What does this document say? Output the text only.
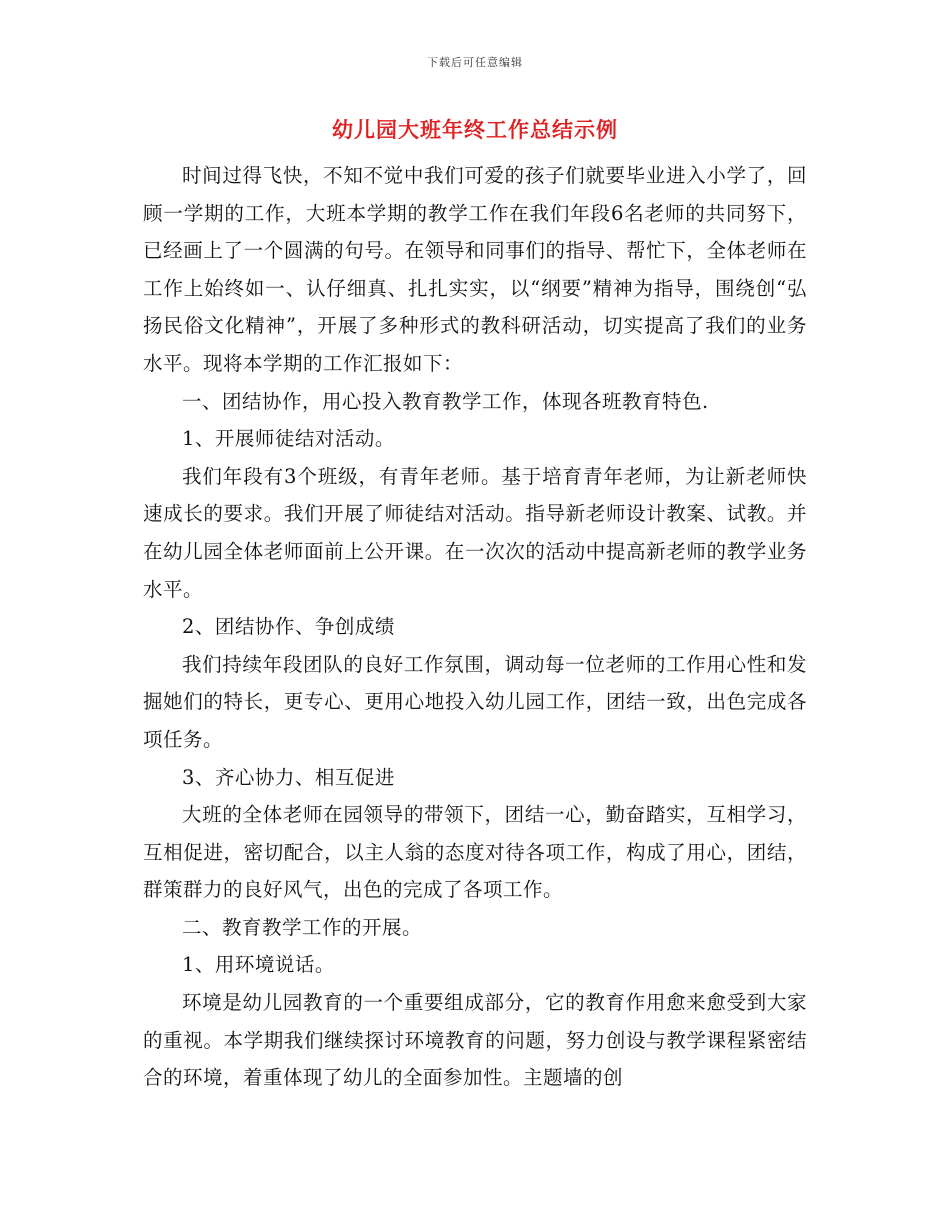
下载后可任意编辑
幼儿园大班年终工作总结示例

时间过得飞快，不知不觉中我们可爱的孩子们就要毕业进入小学了，回顾一学期的工作，大班本学期的教学工作在我们年段6名老师的共同努下，已经画上了一个圆满的句号。在领导和同事们的指导、帮忙下，全体老师在工作上始终如一、认仔细真、扎扎实实，以“纲要”精神为指导，围绕创“弘扬民俗文化精神”，开展了多种形式的教科研活动，切实提高了我们的业务水平。现将本学期的工作汇报如下：

一、团结协作，用心投入教育教学工作，体现各班教育特色.

1、开展师徒结对活动。

我们年段有3个班级，有青年老师。基于培育青年老师，为让新老师快速成长的要求。我们开展了师徒结对活动。指导新老师设计教案、试教。并在幼儿园全体老师面前上公开课。在一次次的活动中提高新老师的教学业务水平。

2、团结协作、争创成绩

我们持续年段团队的良好工作氛围，调动每一位老师的工作用心性和发掘她们的特长，更专心、更用心地投入幼儿园工作，团结一致，出色完成各项任务。

3、齐心协力、相互促进

大班的全体老师在园领导的带领下，团结一心，勤奋踏实，互相学习，互相促进，密切配合，以主人翁的态度对待各项工作，构成了用心，团结，群策群力的良好风气，出色的完成了各项工作。

二、教育教学工作的开展。

1、用环境说话。

环境是幼儿园教育的一个重要组成部分，它的教育作用愈来愈受到大家的重视。本学期我们继续探讨环境教育的问题，努力创设与教学课程紧密结合的环境，着重体现了幼儿的全面参加性。主题墙的创
